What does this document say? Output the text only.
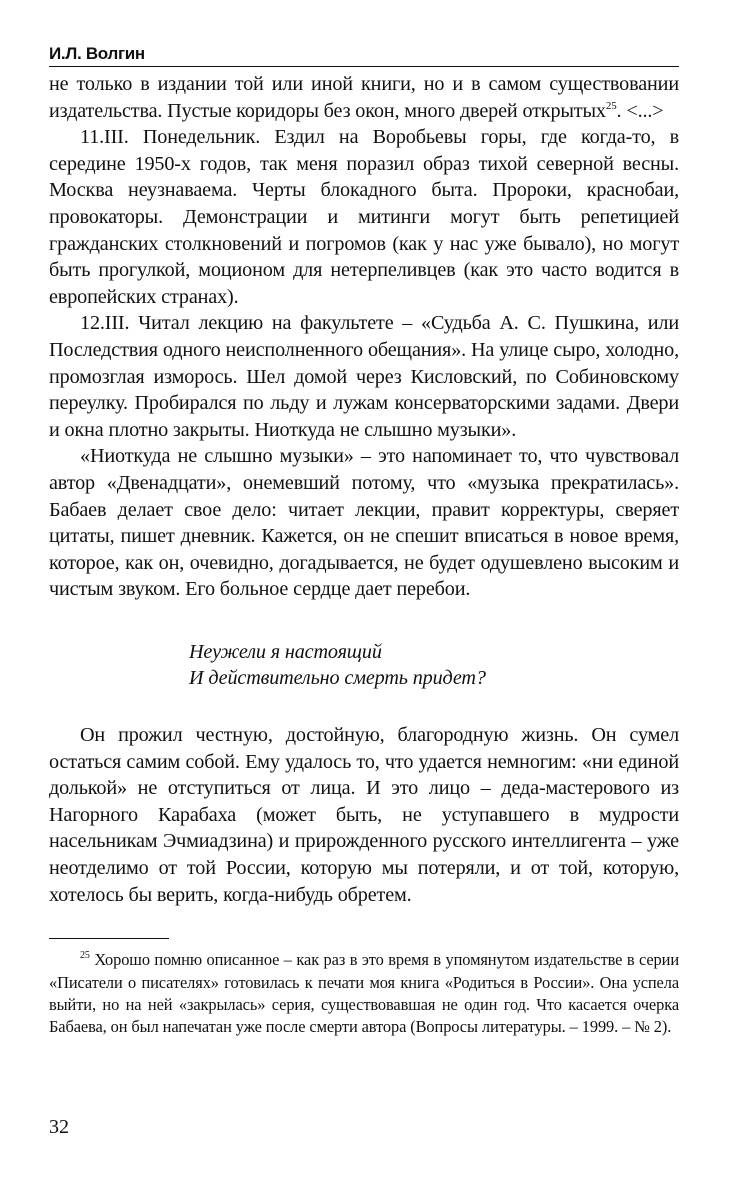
И.Л. Волгин

не только в издании той или иной книги, но и в самом существовании издательства. Пустые коридоры без окон, много дверей открытых$^{25}$. <...>

11.III. Понедельник. Ездил на Воробьевы горы, где когда-то, в середине 1950-х годов, так меня поразил образ тихой северной весны. Москва неузнаваема. Черты блокадного быта. Пророки, краснобаи, провокаторы. Демонстрации и митинги могут быть репетицией гражданских столкновений и погромов (как у нас уже бывало), но могут быть прогулкой, моционом для нетерпеливцев (как это часто водится в европейских странах).

12.III. Читал лекцию на факультете – «Судьба А. С. Пушкина, или Последствия одного неисполненного обещания». На улице сыро, холодно, промозглая изморось. Шел домой через Кисловский, по Собиновскому переулку. Пробирался по льду и лужам консерваторскими задами. Двери и окна плотно закрыты. Ниоткуда не слышно музыки».

«Ниоткуда не слышно музыки» – это напоминает то, что чувствовал автор «Двенадцати», онемевший потому, что «музыка прекратилась». Бабаев делает свое дело: читает лекции, правит корректуры, сверяет цитаты, пишет дневник. Кажется, он не спешит вписаться в новое время, которое, как он, очевидно, догадывается, не будет одушевлено высоким и чистым звуком. Его больное сердце дает перебои.

Неужели я настоящий
И действительно смерть придет?

Он прожил честную, достойную, благородную жизнь. Он сумел остаться самим собой. Ему удалось то, что удается немногим: «ни единой долькой» не отступиться от лица. И это лицо – деда-мастерового из Нагорного Карабаха (может быть, не уступавшего в мудрости насельникам Эчмиадзина) и прирожденного русского интеллигента – уже неотделимо от той России, которую мы потеряли, и от той, которую, хотелось бы верить, когда-нибудь обретем.

$^{25}$ Хорошо помню описанное – как раз в это время в упомянутом издательстве в серии «Писатели о писателях» готовилась к печати моя книга «Родиться в России». Она успела выйти, но на ней «закрылась» серия, существовавшая не один год. Что касается очерка Бабаева, он был напечатан уже после смерти автора (Вопросы литературы. – 1999. – № 2).
32
